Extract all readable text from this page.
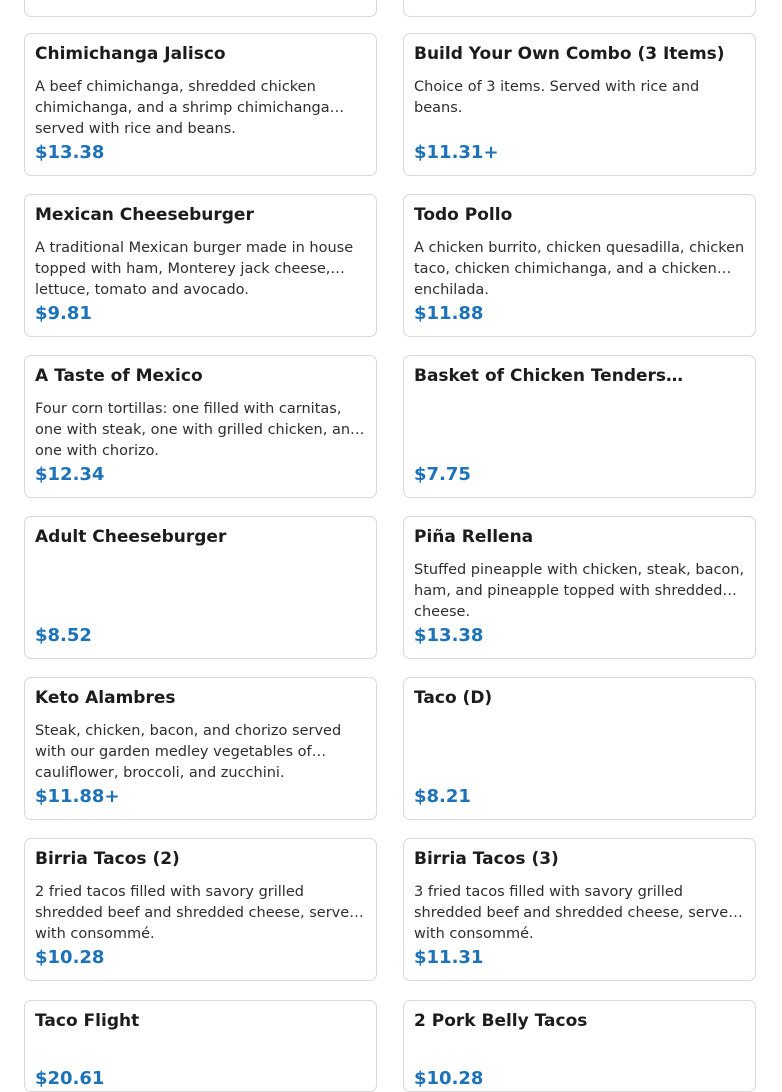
Chimichanga Jalisco
A beef chimichanga, shredded chicken chimichanga, and a shrimp chimichanga served with rice and beans.
$13.38
Build Your Own Combo (3 Items)
Choice of 3 items. Served with rice and beans.
$11.31+
Mexican Cheeseburger
A traditional Mexican burger made in house topped with ham, Monterey jack cheese, lettuce, tomato and avocado.
$9.81
Todo Pollo
A chicken burrito, chicken quesadilla, chicken taco, chicken chimichanga, and a chicken enchilada.
$11.88
A Taste of Mexico
Four corn tortillas: one filled with carnitas, one with steak, one with grilled chicken, and one with chorizo.
$12.34
Basket of Chicken Tenders…
$7.75
Adult Cheeseburger
$8.52
Piña Rellena
Stuffed pineapple with chicken, steak, bacon, ham, and pineapple topped with shredded cheese.
$13.38
Keto Alambres
Steak, chicken, bacon, and chorizo served with our garden medley vegetables of cauliflower, broccoli, and zucchini.
$11.88+
Taco (D)
$8.21
Birria Tacos (2)
2 fried tacos filled with savory grilled shredded beef and shredded cheese, served with consommé.
$10.28
Birria Tacos (3)
3 fried tacos filled with savory grilled shredded beef and shredded cheese, served with consommé.
$11.31
Taco Flight
$20.61
2 Pork Belly Tacos
$10.28
